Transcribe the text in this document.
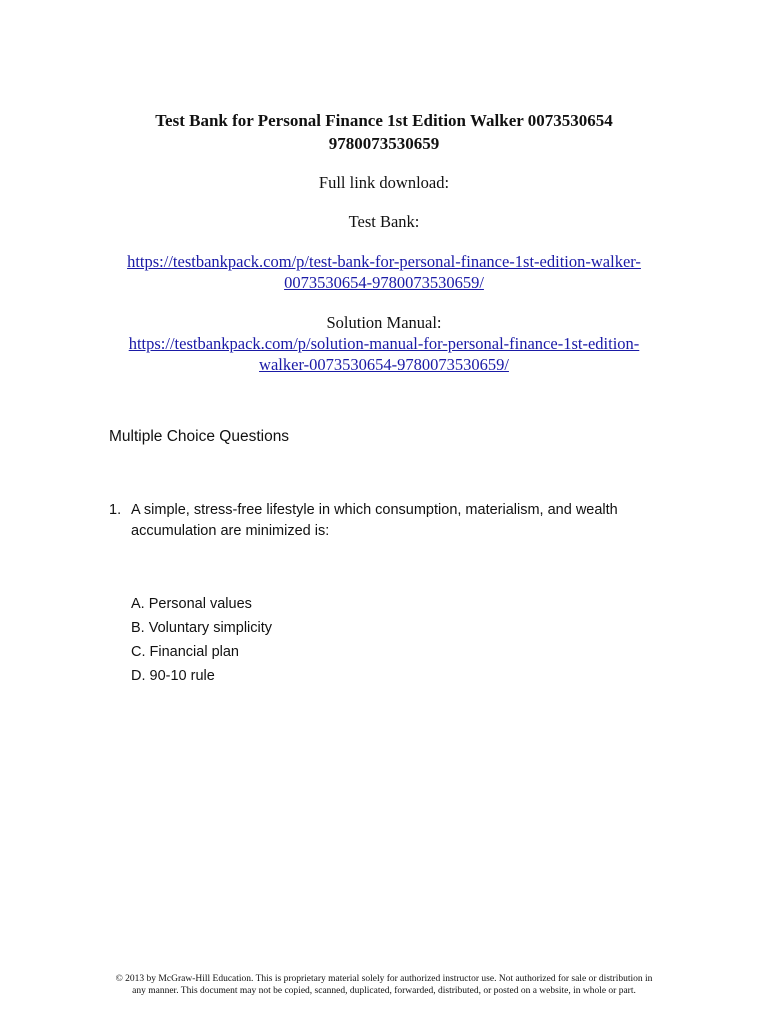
Test Bank for Personal Finance 1st Edition Walker 0073530654
9780073530659
Full link download:
Test Bank:
https://testbankpack.com/p/test-bank-for-personal-finance-1st-edition-walker-
0073530654-9780073530659/
Solution Manual:
https://testbankpack.com/p/solution-manual-for-personal-finance-1st-edition-
walker-0073530654-9780073530659/
Multiple Choice Questions
1. A simple, stress-free lifestyle in which consumption, materialism, and wealth
accumulation are minimized is:
A. Personal values
B. Voluntary simplicity
C. Financial plan
D. 90-10 rule
© 2013 by McGraw-Hill Education. This is proprietary material solely for authorized instructor use. Not authorized for sale or distribution in
any manner. This document may not be copied, scanned, duplicated, forwarded, distributed, or posted on a website, in whole or part.
